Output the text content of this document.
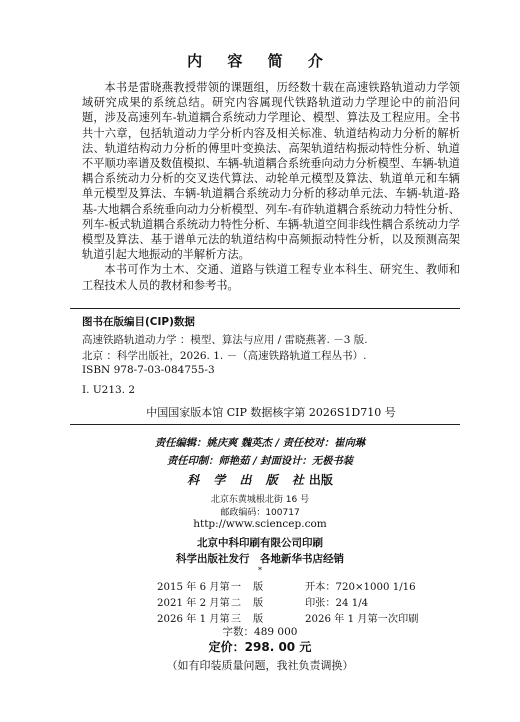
内 容 简 介

本书是雷晓燕教授带领的课题组，历经数十载在高速铁路轨道动力学领域研究成果的系统总结。研究内容属现代铁路轨道动力学理论中的前沿问题，涉及高速列车-轨道耦合系统动力学理论、模型、算法及工程应用。全书共十六章，包括轨道动力学分析内容及相关标准、轨道结构动力分析的解析法、轨道结构动力分析的傅里叶变换法、高架轨道结构振动特性分析、轨道不平顺功率谱及数值模拟、车辆-轨道耦合系统垂向动力分析模型、车辆-轨道耦合系统动力分析的交叉迭代算法、动轮单元模型及算法、轨道单元和车辆单元模型及算法、车辆-轨道耦合系统动力分析的移动单元法、车辆-轨道-路基-大地耦合系统垂向动力分析模型、列车-有砟轨道耦合系统动力特性分析、列车-板式轨道耦合系统动力特性分析、车辆-轨道空间非线性耦合系统动力学模型及算法、基于谱单元法的轨道结构中高频振动特性分析，以及预测高架轨道引起大地振动的半解析方法。

本书可作为土木、交通、道路与铁道工程专业本科生、研究生、教师和工程技术人员的教材和参考书。

图书在版编目(CIP)数据
高速铁路轨道动力学 ：模型、算法与应用 / 雷晓燕著. －3 版.
北京 ：科学出版社，2026. 1. －（高速铁路轨道工程丛书）.
ISBN 978-7-03-084755-3
Ⅰ. U213. 2
中国国家版本馆 CIP 数据核字第 2026S1D710 号
责任编辑：姚庆爽 魏英杰 / 责任校对：崔向琳
责任印制：师艳茹 / 封面设计：无极书装
科 学 出 版 社出版
北京东黄城根北街 16 号
邮政编码：100717
http://www.sciencep.com
北京中科印刷有限公司印刷
科学出版社发行　各地新华书店经销
*
2015 年 6 月第一 版	开本：720×1000 1/16
2021 年 2 月第二 版	印张：24 1/4
2026 年 1 月第三 版	2026 年 1 月第一次印刷
字数：489 000
定价：298. 00 元
（如有印装质量问题，我社负责调换）
